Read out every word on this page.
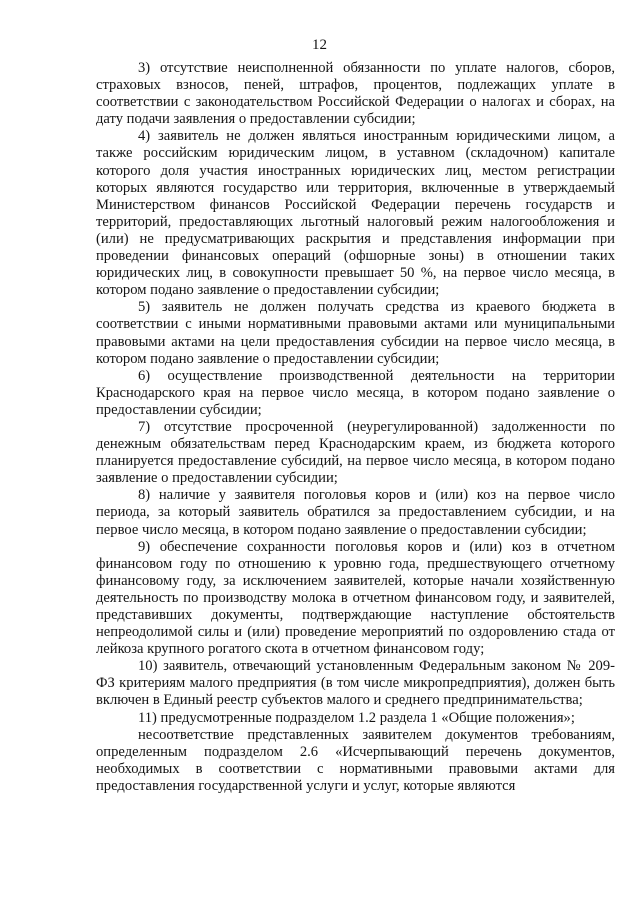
12

3) отсутствие неисполненной обязанности по уплате налогов, сборов, страховых взносов, пеней, штрафов, процентов, подлежащих уплате в соответствии с законодательством Российской Федерации о налогах и сборах, на дату подачи заявления о предоставлении субсидии;

4) заявитель не должен являться иностранным юридическими лицом, а также российским юридическим лицом, в уставном (складочном) капитале которого доля участия иностранных юридических лиц, местом регистрации которых являются государство или территория, включенные в утверждаемый Министерством финансов Российской Федерации перечень государств и территорий, предоставляющих льготный налоговый режим налогообложения и (или) не предусматривающих раскрытия и представления информации при проведении финансовых операций (офшорные зоны) в отношении таких юридических лиц, в совокупности превышает 50 %, на первое число месяца, в котором подано заявление о предоставлении субсидии;

5) заявитель не должен получать средства из краевого бюджета в соответствии с иными нормативными правовыми актами или муниципальными правовыми актами на цели предоставления субсидии на первое число месяца, в котором подано заявление о предоставлении субсидии;

6) осуществление производственной деятельности на территории Краснодарского края на первое число месяца, в котором подано заявление о предоставлении субсидии;

7) отсутствие просроченной (неурегулированной) задолженности по денежным обязательствам перед Краснодарским краем, из бюджета которого планируется предоставление субсидий, на первое число месяца, в котором подано заявление о предоставлении субсидии;

8) наличие у заявителя поголовья коров и (или) коз на первое число периода, за который заявитель обратился за предоставлением субсидии, и на первое число месяца, в котором подано заявление о предоставлении субсидии;

9) обеспечение сохранности поголовья коров и (или) коз в отчетном финансовом году по отношению к уровню года, предшествующего отчетному финансовому году, за исключением заявителей, которые начали хозяйственную деятельность по производству молока в отчетном финансовом году, и заявителей, представивших документы, подтверждающие наступление обстоятельств непреодолимой силы и (или) проведение мероприятий по оздоровлению стада от лейкоза крупного рогатого скота в отчетном финансовом году;

10) заявитель, отвечающий установленным Федеральным законом № 209-ФЗ критериям малого предприятия (в том числе микропредприятия), должен быть включен в Единый реестр субъектов малого и среднего предпринимательства;

11) предусмотренные подразделом 1.2 раздела 1 «Общие положения»;

несоответствие представленных заявителем документов требованиям, определенным подразделом 2.6 «Исчерпывающий перечень документов, необходимых в соответствии с нормативными правовыми актами для предоставления государственной услуги и услуг, которые являются
